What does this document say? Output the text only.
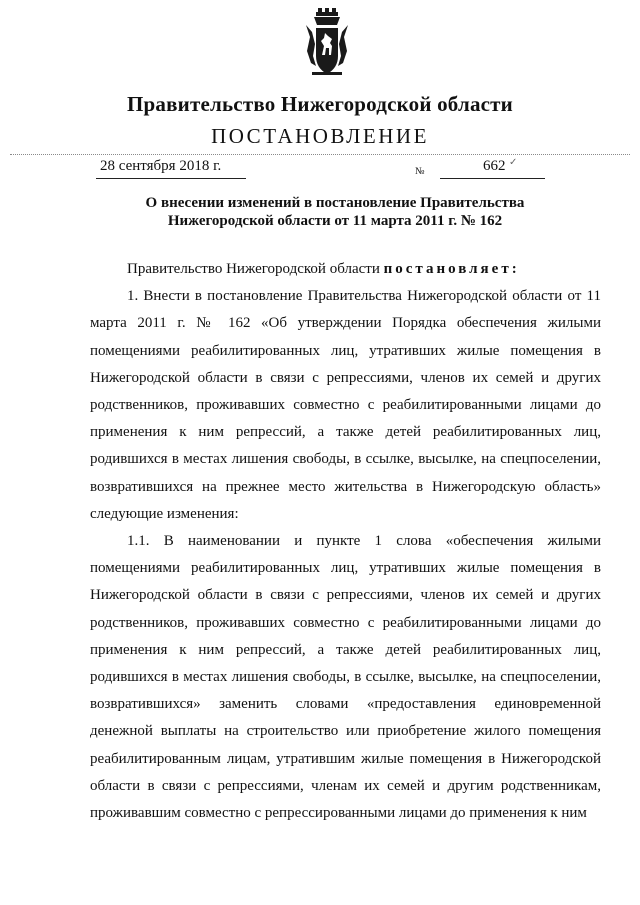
Правительство Нижегородской области
ПОСТАНОВЛЕНИЕ
28 сентября 2018 г.	№	662 ✓
О внесении изменений в постановление Правительства
Нижегородской области от 11 марта 2011 г. № 162

Правительство Нижегородской области постановляет:

1. Внести в постановление Правительства Нижегородской области от 11 марта 2011 г. № 162 «Об утверждении Порядка обеспечения жилыми помещениями реабилитированных лиц, утративших жилые помещения в Нижегородской области в связи с репрессиями, членов их семей и других родственников, проживавших совместно с реабилитированными лицами до применения к ним репрессий, а также детей реабилитированных лиц, родившихся в местах лишения свободы, в ссылке, высылке, на спецпоселении, возвратившихся на прежнее место жительства в Нижегородскую область» следующие изменения:

1.1. В наименовании и пункте 1 слова «обеспечения жилыми помещениями реабилитированных лиц, утративших жилые помещения в Нижегородской области в связи с репрессиями, членов их семей и других родственников, проживавших совместно с реабилитированными лицами до применения к ним репрессий, а также детей реабилитированных лиц, родившихся в местах лишения свободы, в ссылке, высылке, на спецпоселении, возвратившихся» заменить словами «предоставления единовременной денежной выплаты на строительство или приобретение жилого помещения реабилитированным лицам, утратившим жилые помещения в Нижегородской области в связи с репрессиями, членам их семей и другим родственникам, проживавшим совместно с репрессированными лицами до применения к ним
